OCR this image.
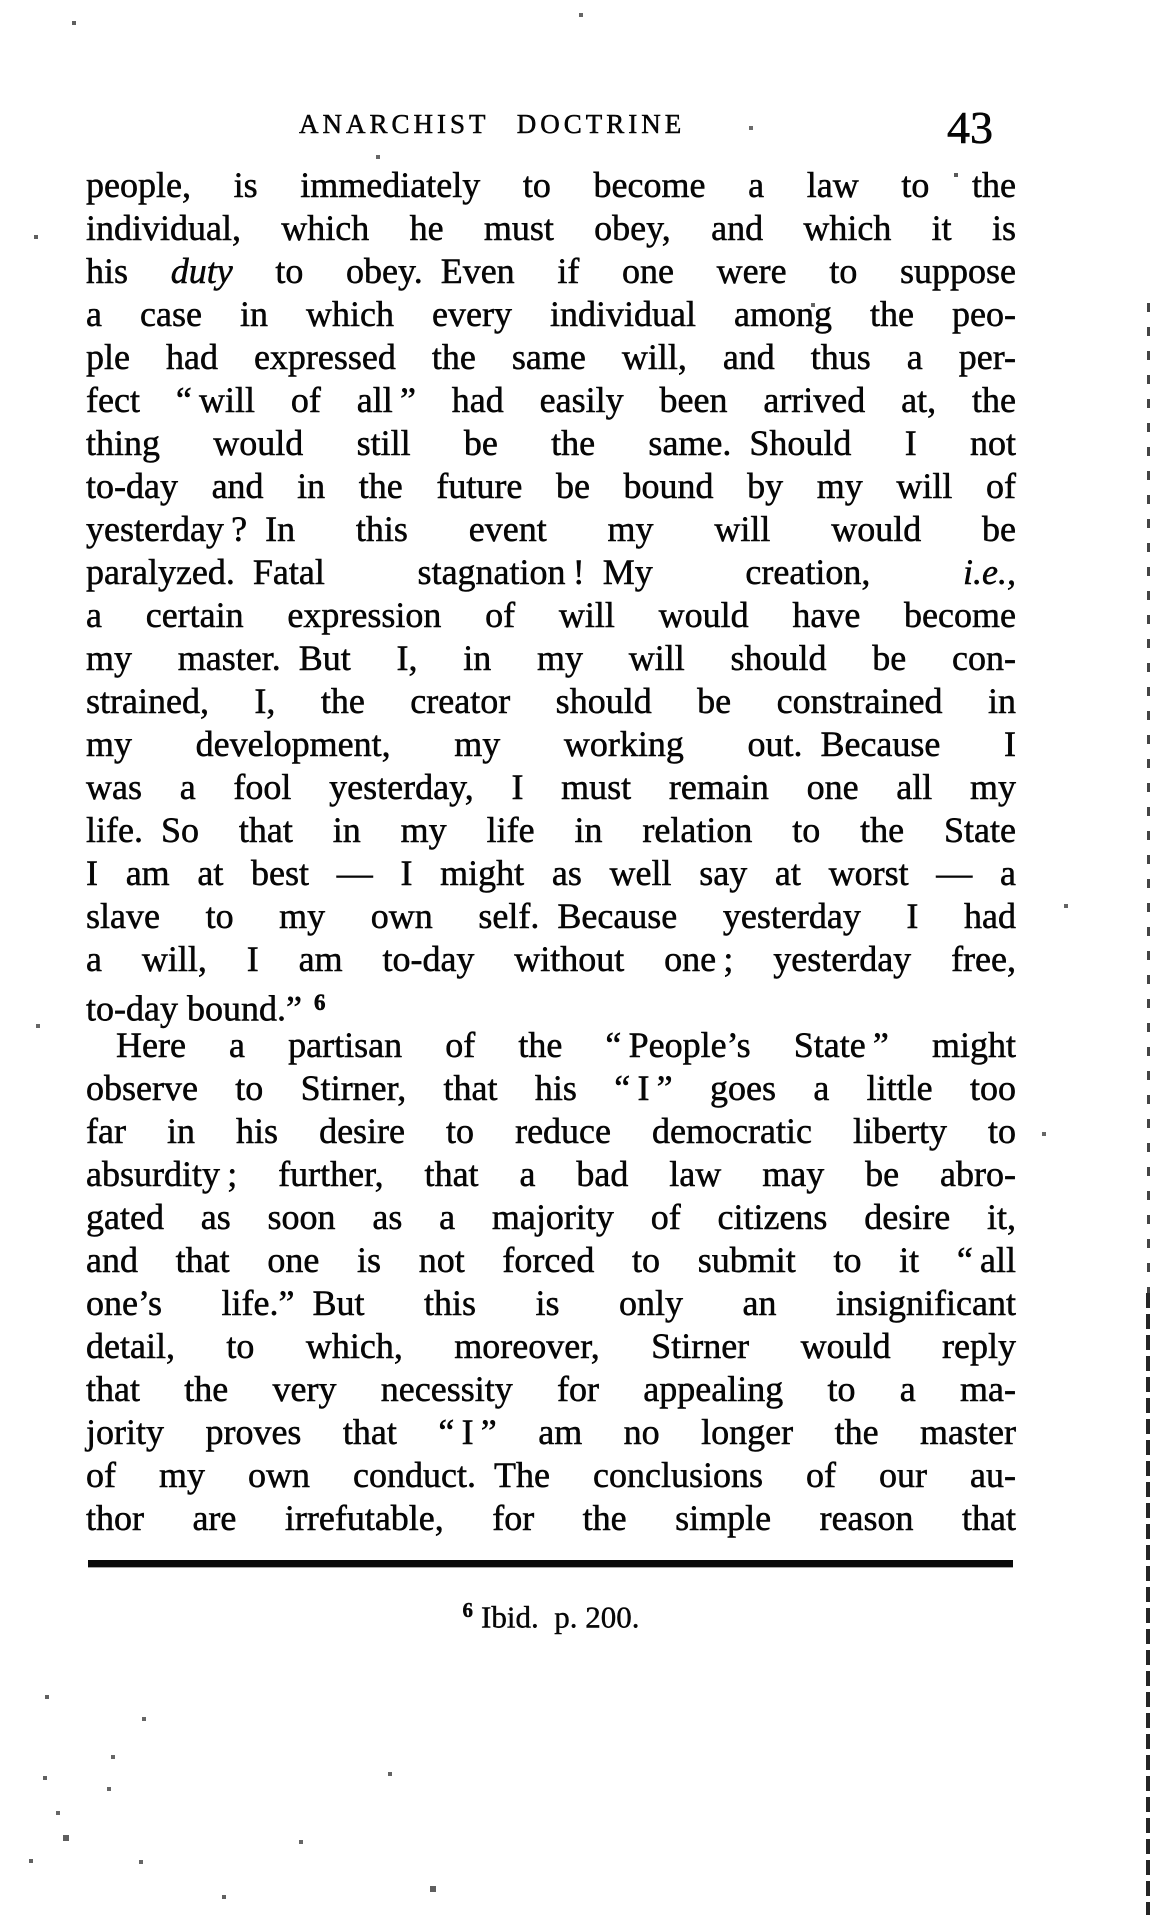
ANARCHIST DOCTRINE	43
people, is immediately to become a law to the
individual, which he must obey, and which it is
his duty to obey. Even if one were to suppose
a case in which every individual among the peo-
ple had expressed the same will, and thus a per-
fect “ will of all ” had easily been arrived at, the
thing would still be the same. Should I not
to-day and in the future be bound by my will of
yesterday ? In this event my will would be
paralyzed. Fatal stagnation ! My creation, i.e.,
a certain expression of will would have become
my master. But I, in my will should be con-
strained, I, the creator should be constrained in
my development, my working out. Because I
was a fool yesterday, I must remain one all my
life. So that in my life in relation to the State
I am at best — I might as well say at worst — a
slave to my own self. Because yesterday I had
a will, I am to-day without one ; yesterday free,
to-day bound.” 6
Here a partisan of the “ People’s State ” might
observe to Stirner, that his “ I ” goes a little too
far in his desire to reduce democratic liberty to
absurdity ; further, that a bad law may be abro-
gated as soon as a majority of citizens desire it,
and that one is not forced to submit to it “ all
one’s life.” But this is only an insignificant
detail, to which, moreover, Stirner would reply
that the very necessity for appealing to a ma-
jority proves that “ I ” am no longer the master
of my own conduct. The conclusions of our au-
thor are irrefutable, for the simple reason that
6 Ibid. p. 200.
